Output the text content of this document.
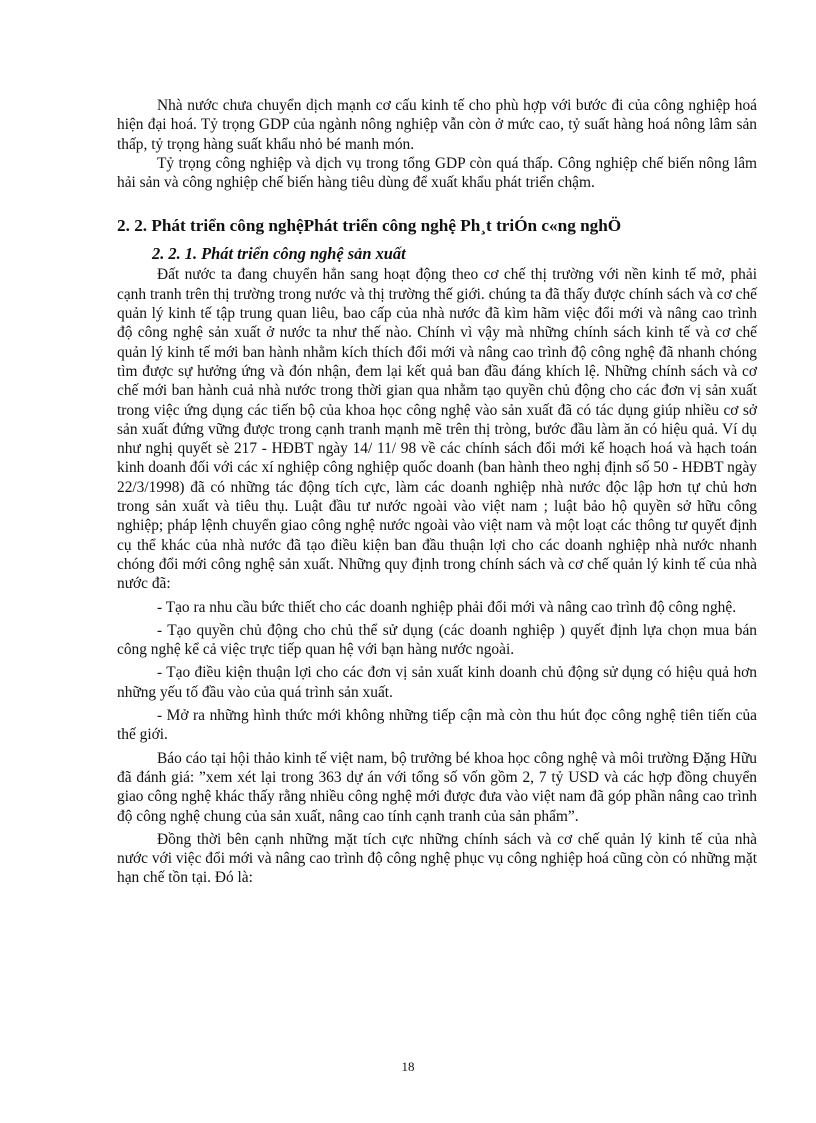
Nhà nước chưa chuyển dịch mạnh cơ cấu kinh tế cho phù hợp với bước đi của công nghiệp hoá hiện đại hoá. Tỷ trọng GDP của ngành nông nghiệp vẫn còn ở mức cao, tỷ suất hàng hoá nông lâm sản thấp, tỷ trọng hàng suất khẩu nhỏ bé manh món.

Tỷ trọng công nghiệp và dịch vụ trong tổng GDP còn quá thấp. Công nghiệp chế biến nông lâm hải sản và công nghiệp chế biến hàng tiêu dùng để xuất khẩu phát triển chậm.

2. 2. Phát triển công nghệPhát triển công nghệ Ph¸t triÓn c«ng nghÖ
2. 2. 1. Phát triển công nghệ sản xuất

Đất nước ta đang chuyển hẳn sang hoạt động theo cơ chế thị trường với nền kinh tế mở, phải cạnh tranh trên thị trường trong nước và thị trường thế giới. chúng ta đã thấy được chính sách và cơ chế quản lý kinh tế tập trung quan liêu, bao cấp của nhà nước đã kìm hãm việc đổi mới và nâng cao trình độ công nghệ sản xuất ở nước ta như thế nào. Chính vì vậy mà những chính sách kinh tế và cơ chế quản lý kinh tế mới ban hành nhằm kích thích đổi mới và nâng cao trình độ công nghệ đã nhanh chóng tìm được sự hưởng ứng và đón nhận, đem lại kết quả ban đầu đáng khích lệ. Những chính sách và cơ chế mới ban hành cuả nhà nước trong thời gian qua nhằm tạo quyền chủ động cho các đơn vị sản xuất trong việc ứng dụng các tiến bộ của khoa học công nghệ vào sản xuất đã có tác dụng giúp nhiều cơ sở sản xuất đứng vững được trong cạnh tranh mạnh mẽ trên thị tròng, bước đầu làm ăn có hiệu quả. Ví dụ như nghị quyết sè 217 - HĐBT ngày 14/ 11/ 98 về các chính sách đổi mới kế hoạch hoá và hạch toán kinh doanh đối với các xí nghiệp công nghiệp quốc doanh (ban hành theo nghị định số 50 - HĐBT ngày 22/3/1998) đã có những tác động tích cực, làm các doanh nghiệp nhà nước độc lập hơn tự chủ hơn trong sản xuất và tiêu thụ. Luật đầu tư nước ngoài vào việt nam ; luật bảo hộ quyền sở hữu công nghiệp; pháp lệnh chuyển giao công nghệ nước ngoài vào việt nam và một loạt các thông tư quyết định cụ thể khác của nhà nước đã tạo điều kiện ban đầu thuận lợi cho các doanh nghiệp nhà nước nhanh chóng đổi mới công nghệ sản xuất. Những quy định trong chính sách và cơ chế quản lý kinh tế của nhà nước đã:

- Tạo ra nhu cầu bức thiết cho các doanh nghiệp phải đổi mới và nâng cao trình độ công nghệ.

- Tạo quyền chủ động cho chủ thể sử dụng (các doanh nghiệp ) quyết định lựa chọn mua bán công nghệ kể cả việc trực tiếp quan hệ với bạn hàng nước ngoài.

- Tạo điều kiện thuận lợi cho các đơn vị sản xuất kinh doanh chủ động sử dụng có hiệu quả hơn những yếu tố đầu vào của quá trình sản xuất.

- Mở ra những hình thức mới không những tiếp cận mà còn thu hút đọc công nghệ tiên tiến của thế giới.

Báo cáo tại hội thảo kinh tế việt nam, bộ trưởng bé khoa học công nghệ và môi trường Đặng Hữu đã đánh giá: ”xem xét lại trong 363 dự án với tổng số vốn gồm 2, 7 tỷ USD và các hợp đồng chuyển giao công nghệ khác thấy rằng nhiều công nghệ mới được đưa vào việt nam đã góp phần nâng cao trình độ công nghệ chung của sản xuất, nâng cao tính cạnh tranh của sản phẩm”.

Đồng thời bên cạnh những mặt tích cực những chính sách và cơ chế quản lý kinh tế của nhà nước với việc đổi mới và nâng cao trình độ công nghệ phục vụ công nghiệp hoá cũng còn có những mặt hạn chế tồn tại. Đó là:

18
